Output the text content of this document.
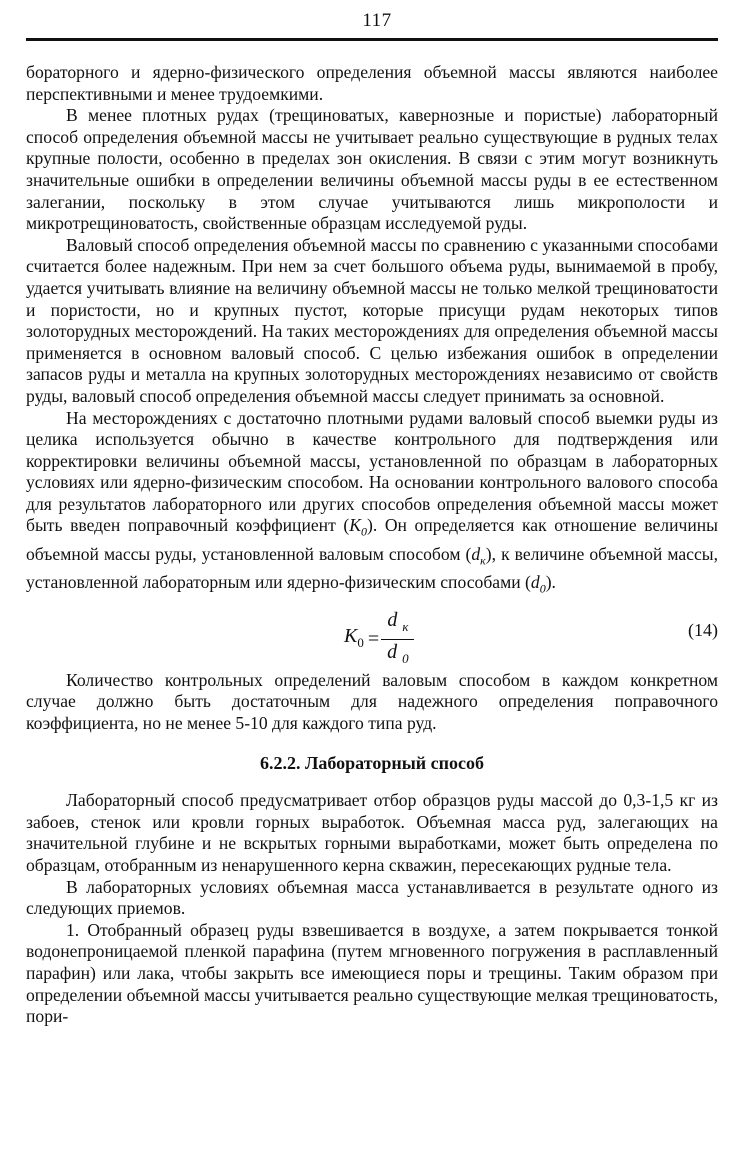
117

бораторного и ядерно-физического определения объемной массы являются наиболее перспективными и менее трудоемкими.

В менее плотных рудах (трещиноватых, кавернозные и пористые) лабораторный способ определения объемной массы не учитывает реально существующие в рудных телах крупные полости, особенно в пределах зон окисления. В связи с этим могут возникнуть значительные ошибки в определении величины объемной массы руды в ее естественном залегании, поскольку в этом случае учитываются лишь микрополости и микротрещиноватость, свойственные образцам исследуемой руды.

Валовый способ определения объемной массы по сравнению с указанными способами считается более надежным. При нем за счет большого объема руды, вынимаемой в пробу, удается учитывать влияние на величину объемной массы не только мелкой трещиноватости и пористости, но и крупных пустот, которые присущи рудам некоторых типов золоторудных месторождений. На таких месторождениях для определения объемной массы применяется в основном валовый способ. С целью избежания ошибок в определении запасов руды и металла на крупных золоторудных месторождениях независимо от свойств руды, валовый способ определения объемной массы следует принимать за основной.

На месторождениях с достаточно плотными рудами валовый способ выемки руды из целика используется обычно в качестве контрольного для подтверждения или корректировки величины объемной массы, установленной по образцам в лабораторных условиях или ядерно-физическим способом. На основании контрольного валового способа для результатов лабораторного или других способов определения объемной массы может быть введен поправочный коэффициент $(K_0)$. Он определяется как отношение величины объемной массы руды, установленной валовым способом $(d_к)$, к величине объемной массы, установленной лабораторным или ядерно-физическим способами $(d_0)$.

$K_0 = \frac{d _к}{d _0}$	(14)

Количество контрольных определений валовым способом в каждом конкретном случае должно быть достаточным для надежного определения поправочного коэффициента, но не менее 5-10 для каждого типа руд.

6.2.2. Лабораторный способ

Лабораторный способ предусматривает отбор образцов руды массой до 0,3-1,5 кг из забоев, стенок или кровли горных выработок. Объемная масса руд, залегающих на значительной глубине и не вскрытых горными выработками, может быть определена по образцам, отобранным из ненарушенного керна скважин, пересекающих рудные тела.

В лабораторных условиях объемная масса устанавливается в результате одного из следующих приемов.

1. Отобранный образец руды взвешивается в воздухе, а затем покрывается тонкой водонепроницаемой пленкой парафина (путем мгновенного погружения в расплавленный парафин) или лака, чтобы закрыть все имеющиеся поры и трещины. Таким образом при определении объемной массы учитывается реально существующие мелкая трещиноватость, пори-
